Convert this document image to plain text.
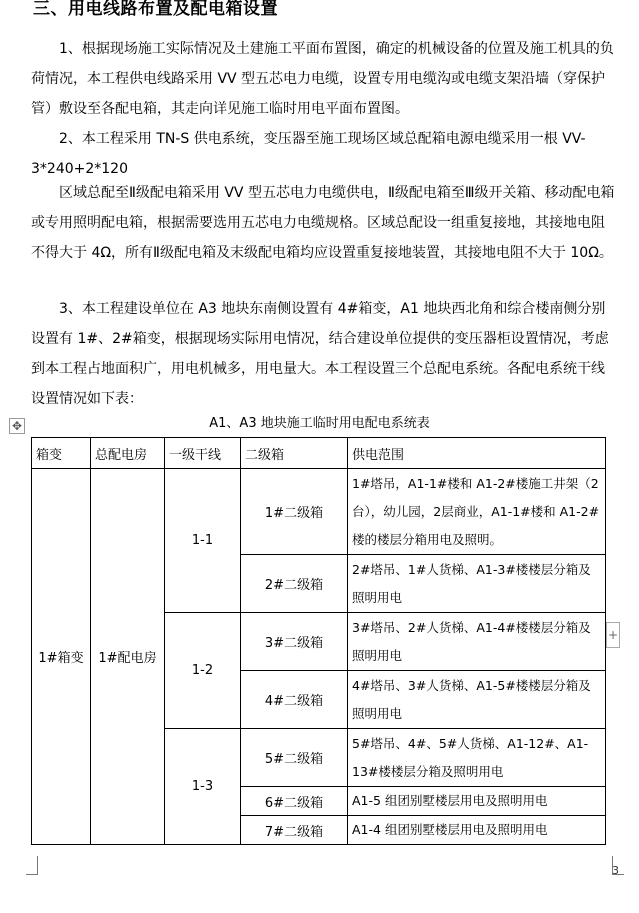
三、用电线路布置及配电箱设置

1、根据现场施工实际情况及土建施工平面布置图，确定的机械设备的位置及施工机具的负荷情况，本工程供电线路采用 VV 型五芯电力电缆，设置专用电缆沟或电缆支架沿墙（穿保护管）敷设至各配电箱，其走向详见施工临时用电平面布置图。

2、本工程采用 TN-S 供电系统，变压器至施工现场区域总配箱电源电缆采用一根 VV-3*240+2*120

区域总配至Ⅱ级配电箱采用 VV 型五芯电力电缆供电，Ⅱ级配电箱至Ⅲ级开关箱、移动配电箱或专用照明配电箱，根据需要选用五芯电力电缆规格。区域总配设一组重复接地，其接地电阻不得大于 4Ω，所有Ⅱ级配电箱及末级配电箱均应设置重复接地装置，其接地电阻不大于 10Ω。

3、本工程建设单位在 A3 地块东南侧设置有 4#箱变，A1 地块西北角和综合楼南侧分别设置有 1#、2#箱变，根据现场实际用电情况，结合建设单位提供的变压器柜设置情况，考虑到本工程占地面积广，用电机械多，用电量大。本工程设置三个总配电系统。各配电系统干线设置情况如下表：

✥	A1、A3 地块施工临时用电配电系统表
箱变	总配电房	一级干线	二级箱	供电范围
1#箱变	1#配电房	1-1	1#二级箱	1#塔吊，A1-1#楼和 A1-2#楼施工井架（2台），幼儿园，2层商业，A1-1#楼和 A1-2#楼的楼层分箱用电及照明。
			2#二级箱	2#塔吊、1#人货梯、A1-3#楼楼层分箱及照明用电
		1-2	3#二级箱	3#塔吊、2#人货梯、A1-4#楼楼层分箱及照明用电
			4#二级箱	4#塔吊、3#人货梯、A1-5#楼楼层分箱及照明用电
		1-3	5#二级箱	5#塔吊、4#、5#人货梯、A1-12#、A1-13#楼楼层分箱及照明用电
			6#二级箱	A1-5 组团别墅楼层用电及照明用电
			7#二级箱	A1-4 组团别墅楼层用电及照明用电
+
3
